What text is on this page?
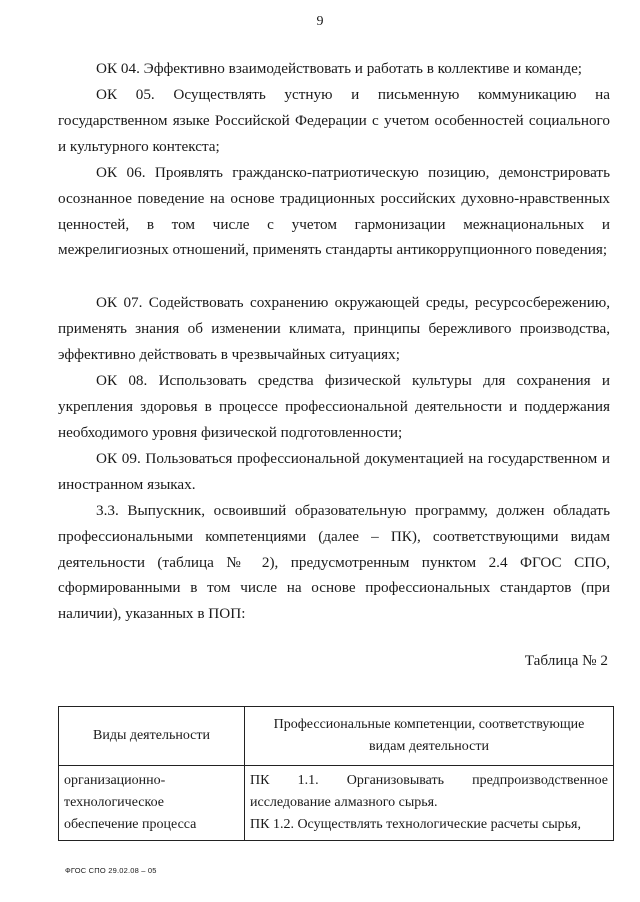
9

ОК 04. Эффективно взаимодействовать и работать в коллективе и команде;

ОК 05. Осуществлять устную и письменную коммуникацию на государственном языке Российской Федерации с учетом особенностей социального и культурного контекста;

ОК 06. Проявлять гражданско-патриотическую позицию, демонстрировать осознанное поведение на основе традиционных российских духовно-нравственных ценностей, в том числе с учетом гармонизации межнациональных и межрелигиозных отношений, применять стандарты антикоррупционного поведения;

ОК 07. Содействовать сохранению окружающей среды, ресурсосбережению, применять знания об изменении климата, принципы бережливого производства, эффективно действовать в чрезвычайных ситуациях;

ОК 08. Использовать средства физической культуры для сохранения и укрепления здоровья в процессе профессиональной деятельности и поддержания необходимого уровня физической подготовленности;

ОК 09. Пользоваться профессиональной документацией на государственном и иностранном языках.

3.3. Выпускник, освоивший образовательную программу, должен обладать профессиональными компетенциями (далее – ПК), соответствующими видам деятельности (таблица № 2), предусмотренным пунктом 2.4 ФГОС СПО, сформированными в том числе на основе профессиональных стандартов (при наличии), указанных в ПОП:

Таблица № 2
Виды деятельности	Профессиональные компетенции, соответствующие видам деятельности
организационно-технологическое обеспечение процесса	ПК 1.1. Организовывать предпроизводственное исследование алмазного сырья.
ПК 1.2. Осуществлять технологические расчеты сырья,
ФГОС СПО 29.02.08 – 05
